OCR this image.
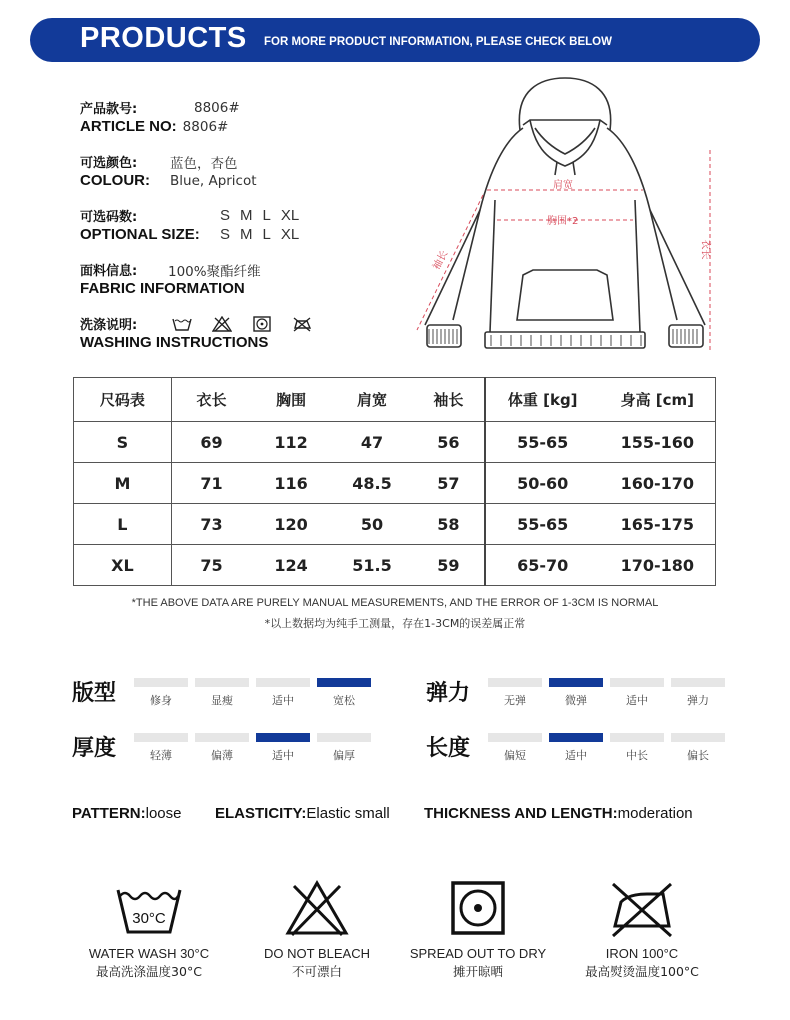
PRODUCTS FOR MORE PRODUCT INFORMATION, PLEASE CHECK BELOW
产品款号:	8806#
ARTICLE NO: 8806#
可选颜色:	蓝色，杏色
COLOUR:	Blue, Apricot
可选码数:	S M L XL
OPTIONAL SIZE:	S M L XL
面料信息:	100%聚酯纤维
FABRIC INFORMATION
洗涤说明:
WASHING INSTRUCTIONS
肩宽
胸围*2
袖长	衣长
尺码表	衣长	胸围	肩宽	袖长	体重 [kg]	身高 [cm]
S	69	112	47	56	55-65	155-160
M	71	116	48.5	57	50-60	160-170
L	73	120	50	58	55-65	165-175
XL	75	124	51.5	59	65-70	170-180
*THE ABOVE DATA ARE PURELY MANUAL MEASUREMENTS, AND THE ERROR OF 1-3CM IS NORMAL
*以上数据均为纯手工测量，存在1-3CM的误差属正常
版型	修身	显瘦	适中	宽松	弹力	无弹	微弹	适中	弹力
厚度	轻薄	偏薄	适中	偏厚	长度	偏短	适中	中长	偏长
PATTERN:loose ELASTICITY:Elastic small THICKNESS AND LENGTH:moderation
30°C
WATER WASH 30°C
最高洗涤温度30°C
DO NOT BLEACH
不可漂白
SPREAD OUT TO DRY
摊开晾晒
IRON 100°C
最高熨烫温度100°C
